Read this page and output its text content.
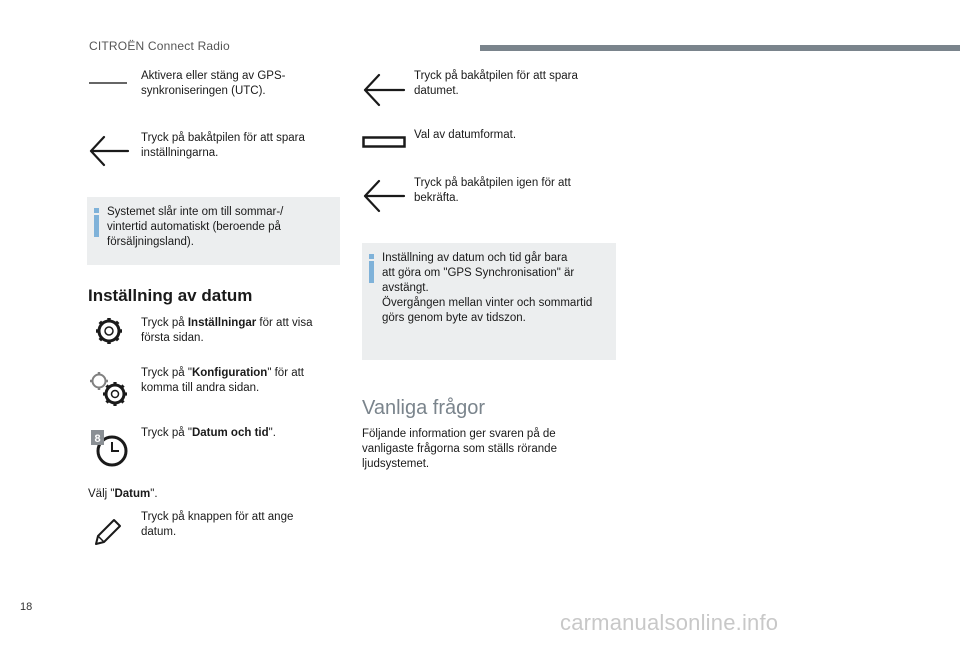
CITROËN Connect Radio
Aktivera eller stäng av GPS-synkroniseringen (UTC).
Tryck på bakåtpilen för att spara inställningarna.

Systemet slår inte om till sommar-/
vintertid automatiskt (beroende på
försäljningsland).

Inställning av datum
Tryck på Inställningar för att visa första sidan.
Tryck på "Konfiguration" för att komma till andra sidan.
8	Tryck på "Datum och tid".
Välj "Datum".
Tryck på knappen för att ange datum.
Tryck på bakåtpilen för att spara datumet.
Val av datumformat.
Tryck på bakåtpilen igen för att bekräfta.

Inställning av datum och tid går bara
att göra om "GPS Synchronisation" är
avstängt.
Övergången mellan vinter och sommartid
görs genom byte av tidszon.

Vanliga frågor
Följande information ger svaren på de vanligaste frågorna som ställs rörande ljudsystemet.
18
carmanualsonline.info
